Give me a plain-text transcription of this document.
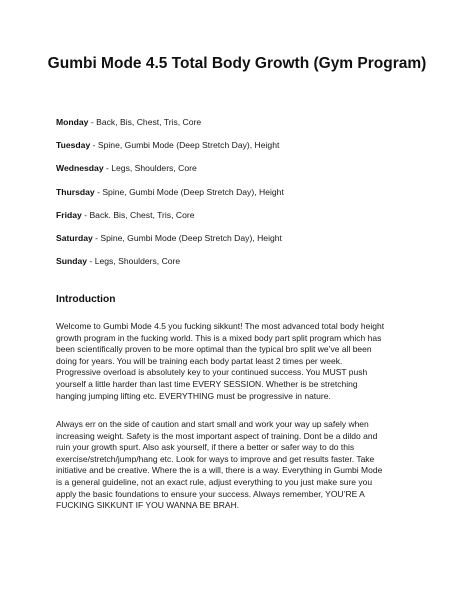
Gumbi Mode 4.5 Total Body Growth (Gym Program)
Monday - Back, Bis, Chest, Tris, Core
Tuesday - Spine, Gumbi Mode (Deep Stretch Day), Height
Wednesday - Legs, Shoulders, Core
Thursday - Spine, Gumbi Mode (Deep Stretch Day), Height
Friday - Back. Bis, Chest, Tris, Core
Saturday - Spine, Gumbi Mode (Deep Stretch Day), Height
Sunday - Legs, Shoulders, Core
Introduction

Welcome to Gumbi Mode 4.5 you fucking sikkunt! The most advanced total body height
growth program in the fucking world. This is a mixed body part split program which has
been scientifically proven to be more optimal than the typical bro split we’ve all been
doing for years. You will be training each body partat least 2 times per week.
Progressive overload is absolutely key to your continued success. You MUST push
yourself a little harder than last time EVERY SESSION. Whether is be stretching
hanging jumping lifting etc. EVERYTHING must be progressive in nature.

Always err on the side of caution and start small and work your way up safely when
increasing weight. Safety is the most important aspect of training. Dont be a dildo and
ruin your growth spurt. Also ask yourself, if there a better or safer way to do this
exercise/stretch/jump/hang etc. Look for ways to improve and get results faster. Take
initiative and be creative. Where the is a will, there is a way. Everything in Gumbi Mode
is a general guideline, not an exact rule, adjust everything to you just make sure you
apply the basic foundations to ensure your success. Always remember, YOU’RE A
FUCKING SIKKUNT IF YOU WANNA BE BRAH.
